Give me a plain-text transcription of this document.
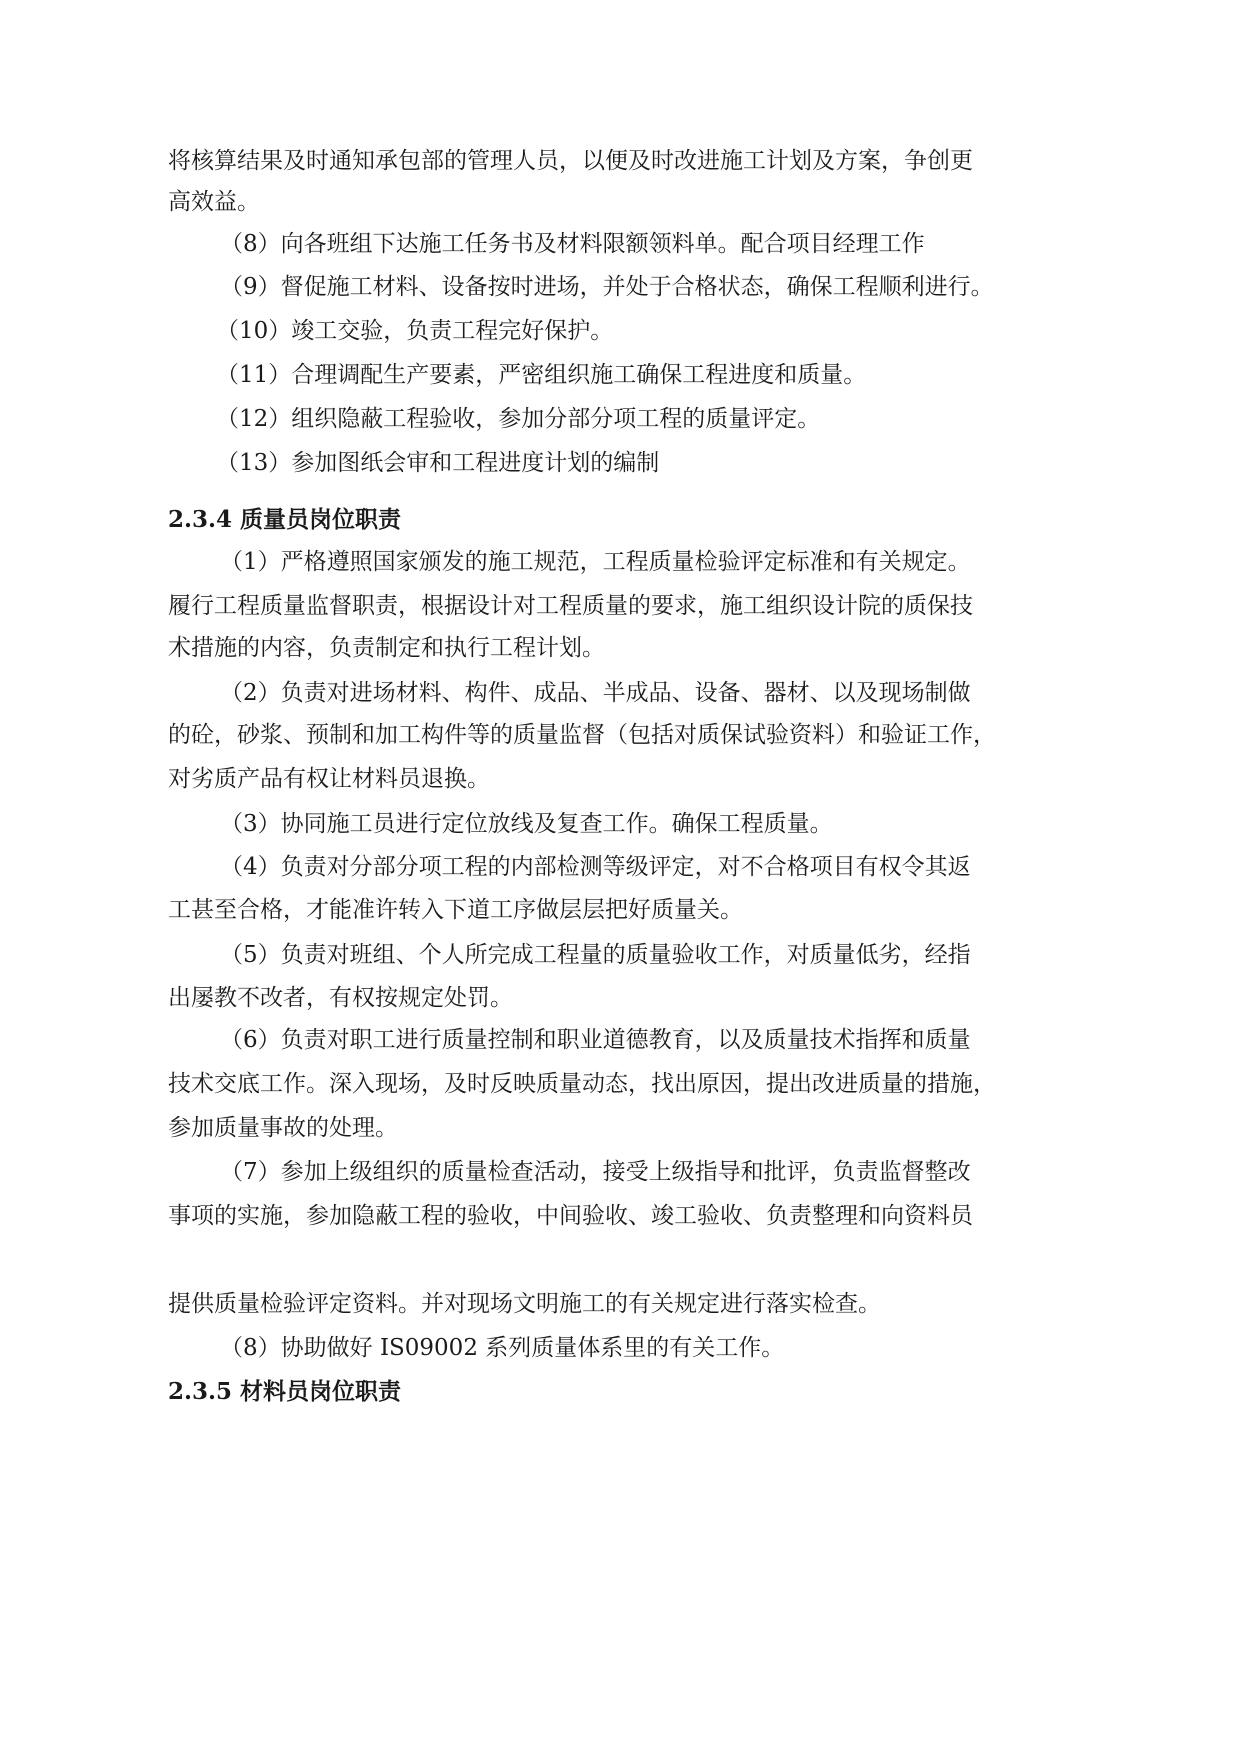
将核算结果及时通知承包部的管理人员，以便及时改进施工计划及方案，争创更
高效益。
（8）向各班组下达施工任务书及材料限额领料单。配合项目经理工作
（9）督促施工材料、设备按时进场，并处于合格状态，确保工程顺利进行。
（10）竣工交验，负责工程完好保护。
（11）合理调配生产要素，严密组织施工确保工程进度和质量。
（12）组织隐蔽工程验收，参加分部分项工程的质量评定。
（13）参加图纸会审和工程进度计划的编制
2.3.4 质量员岗位职责
（1）严格遵照国家颁发的施工规范，工程质量检验评定标准和有关规定。
履行工程质量监督职责，根据设计对工程质量的要求，施工组织设计院的质保技
术措施的内容，负责制定和执行工程计划。
（2）负责对进场材料、构件、成品、半成品、设备、器材、以及现场制做
的砼，砂浆、预制和加工构件等的质量监督（包括对质保试验资料）和验证工作，
对劣质产品有权让材料员退换。
（3）协同施工员进行定位放线及复查工作。确保工程质量。
（4）负责对分部分项工程的内部检测等级评定，对不合格项目有权令其返
工甚至合格，才能准许转入下道工序做层层把好质量关。
（5）负责对班组、个人所完成工程量的质量验收工作，对质量低劣，经指
出屡教不改者，有权按规定处罚。
（6）负责对职工进行质量控制和职业道德教育，以及质量技术指挥和质量
技术交底工作。深入现场，及时反映质量动态，找出原因，提出改进质量的措施，
参加质量事故的处理。
（7）参加上级组织的质量检查活动，接受上级指导和批评，负责监督整改
事项的实施，参加隐蔽工程的验收，中间验收、竣工验收、负责整理和向资料员
提供质量检验评定资料。并对现场文明施工的有关规定进行落实检查。
（8）协助做好 IS09002 系列质量体系里的有关工作。
2.3.5 材料员岗位职责
